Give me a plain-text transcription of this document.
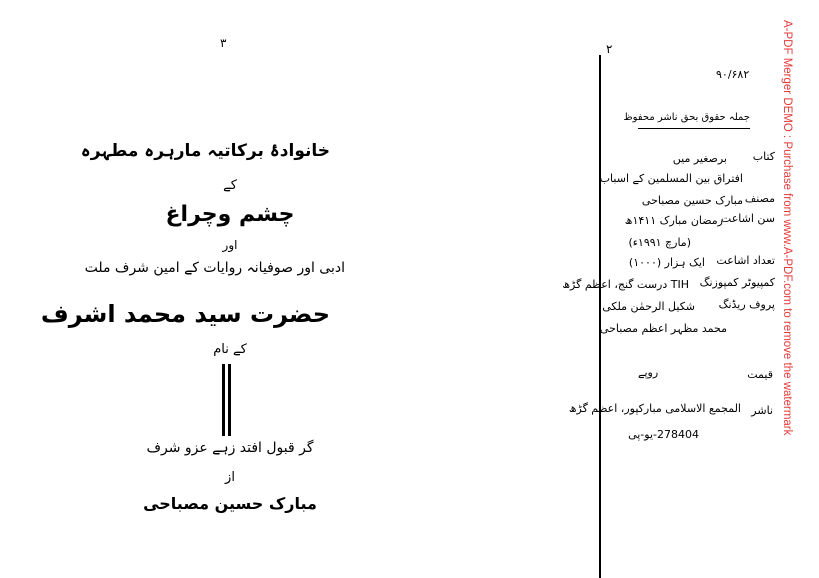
۳
خانوادۂ برکاتیہ مارہرہ مطہرہ
کے
چشم وچراغ
اور
ادبی اور صوفیانہ روایات کے امین شرف ملت
حضرت سید محمد اشرف
کے نام
گر قبول افتد زہے عزو شرف
از
مبارک حسین مصباحی
۲
۹۰/۶۸۲
جملہ حقوق بحق ناشر محفوظ
کتاب
برصغیر میں
افتراق بین المسلمین کے اسباب
مصنف
مبارک حسین مصباحی
سن اشاعت
رمضان مبارک ۱۴۱۱ھ
(مارچ ۱۹۹۱ء)
تعداد اشاعت
ایک ہزار (۱۰۰۰)
کمپیوٹر کمپوزنگ
TIH درست گنج، اعظم گڑھ
پروف ریڈنگ
شکیل الرحمٰن ملکی
محمد مظہر اعظم مصباحی
قیمت
روپے
ناشر
المجمع الاسلامی مبارکپور، اعظم گڑھ
278404-یو-پی	A-PDF Merger DEMO : Purchase from www.A-PDF.com to remove the watermark
